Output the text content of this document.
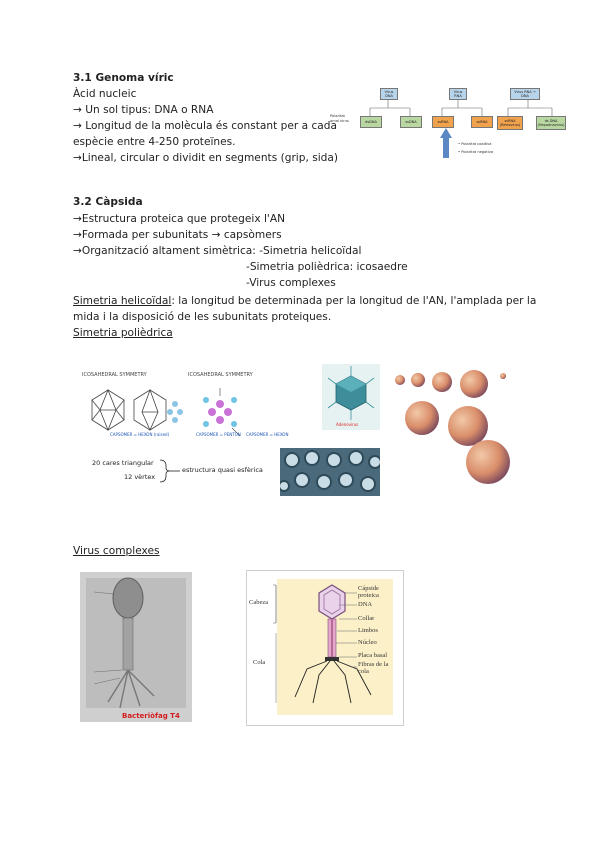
3.1 Genoma víric
Àcid nucleic
→ Un sol tipus: DNA o RNA
→ Longitud de la molècula és constant per a cada
espècie entre 4-250 proteïnes.
→Lineal, circular o dividit en segments (grip, sida)
Virus DNA
Virus RNA
Virus RNA → DNA
Polaritat amal virus	dsDNA	ssDNA	ssRNA	ssRNA	ssRNA (Retrovirus)
ds DNA (Hepadnavirus)
• Polaritat positiva
• Polaritat negativa
3.2 Càpsida
→Estructura proteica que protegeix l'AN
→Formada per subunitats → capsòmers
→Organització altament simètrica: -Simetria helicoïdal
-Simetria polièdrica: icosaedre
-Virus complexes
Simetria helicoïdal: la longitud be determinada per la longitud de l'AN, l'amplada per la
mida i la disposició de les subunitats proteiques.
Simetria polièdrica
ICOSAHEDRAL SYMMETRY	ICOSAHEDRAL SYMMETRY
CAPSOMER = HEXON (raised)	CAPSOMER = PENTON CAPSOMER = HEXON
Adenovirus
20 cares triangular
12 vèrtex
estructura quasi esfèrica
Virus complexes
Bacteriòfag T4
Cabeza
Cola
Cápside proteica
DNA
Collar
Limbos
Núcleo
Placa basal
Fibras de la cola
